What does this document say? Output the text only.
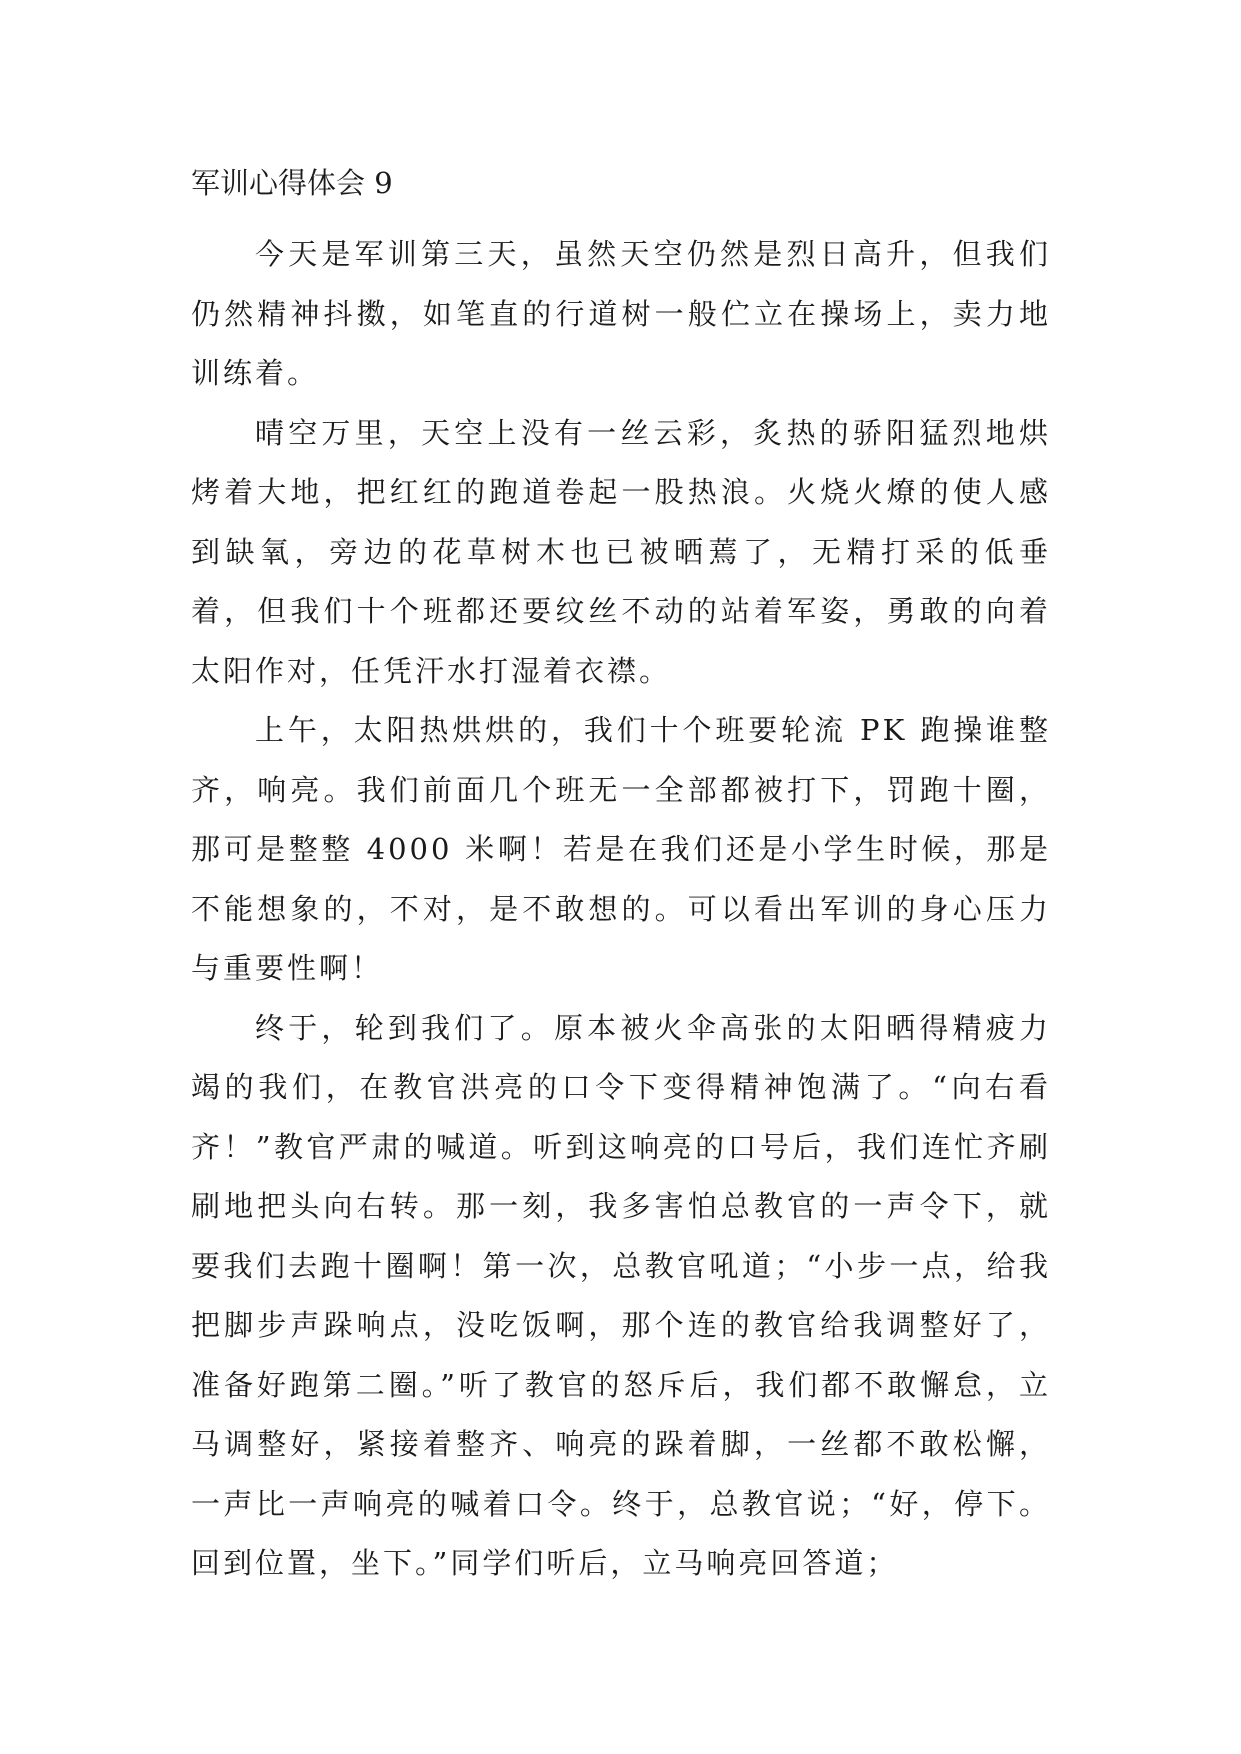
军训心得体会 9

今天是军训第三天，虽然天空仍然是烈日高升，但我们仍然精神抖擞，如笔直的行道树一般伫立在操场上，卖力地训练着。

晴空万里，天空上没有一丝云彩，炙热的骄阳猛烈地烘烤着大地，把红红的跑道卷起一股热浪。火烧火燎的使人感到缺氧，旁边的花草树木也已被晒蔫了，无精打采的低垂着，但我们十个班都还要纹丝不动的站着军姿，勇敢的向着太阳作对，任凭汗水打湿着衣襟。

上午，太阳热烘烘的，我们十个班要轮流 PK 跑操谁整齐，响亮。我们前面几个班无一全部都被打下，罚跑十圈，那可是整整 4000 米啊！若是在我们还是小学生时候，那是不能想象的，不对，是不敢想的。可以看出军训的身心压力与重要性啊！

终于，轮到我们了。原本被火伞高张的太阳晒得精疲力竭的我们，在教官洪亮的口令下变得精神饱满了。“向右看齐！”教官严肃的喊道。听到这响亮的口号后，我们连忙齐刷刷地把头向右转。那一刻，我多害怕总教官的一声令下，就要我们去跑十圈啊！第一次，总教官吼道；“小步一点，给我把脚步声跺响点，没吃饭啊，那个连的教官给我调整好了，准备好跑第二圈。”听了教官的怒斥后，我们都不敢懈怠，立马调整好，紧接着整齐、响亮的跺着脚，一丝都不敢松懈，一声比一声响亮的喊着口令。终于，总教官说；“好，停下。回到位置，坐下。”同学们听后，立马响亮回答道；
